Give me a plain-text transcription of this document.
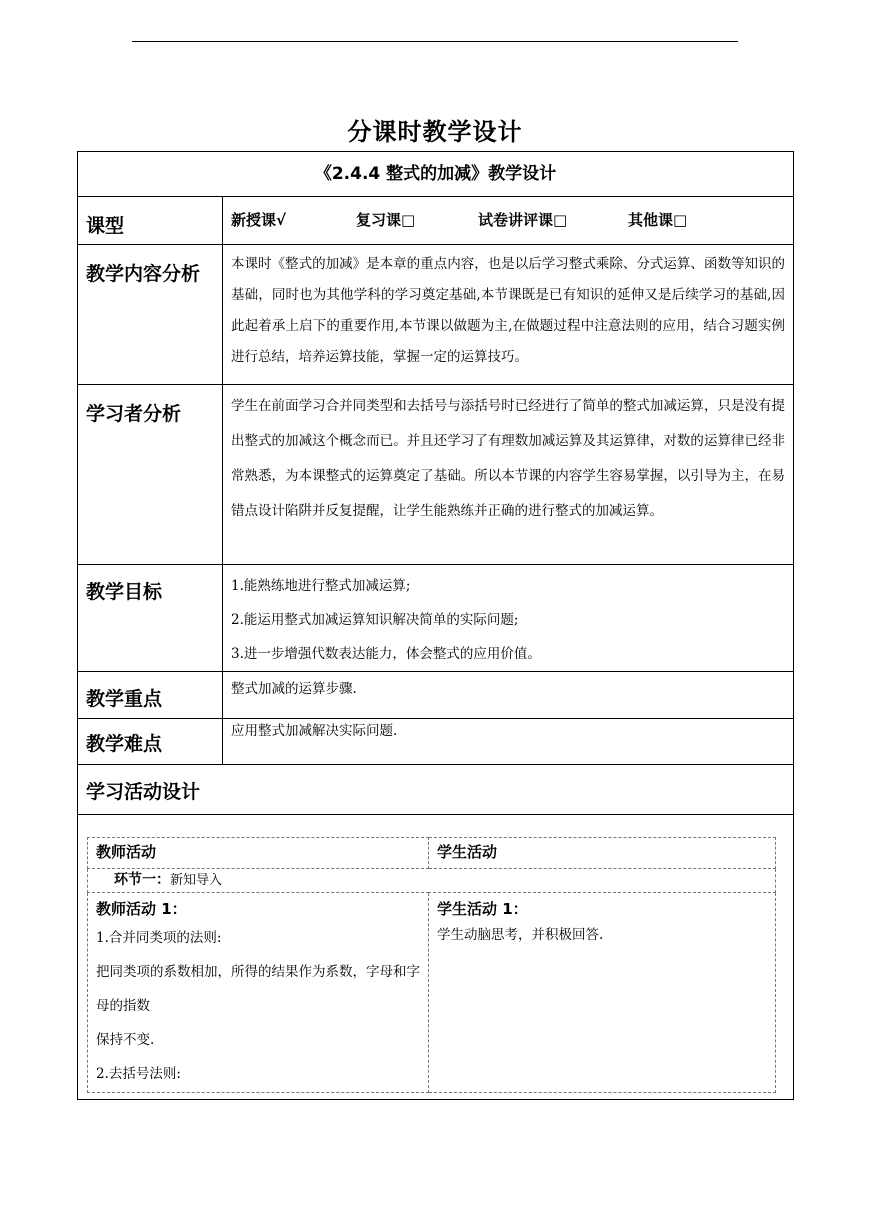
分课时教学设计
《2.4.4 整式的加减》教学设计
课型	新授课√	复习课□	试卷讲评课□	其他课□

教学内容分析	本课时《整式的加减》是本章的重点内容，也是以后学习整式乘除、分式运算、函数等知识的基础，同时也为其他学科的学习奠定基础,本节课既是已有知识的延伸又是后续学习的基础,因此起着承上启下的重要作用,本节课以做题为主,在做题过程中注意法则的应用，结合习题实例进行总结，培养运算技能，掌握一定的运算技巧。
学习者分析	学生在前面学习合并同类型和去括号与添括号时已经进行了简单的整式加减运算，只是没有提出整式的加减这个概念而已。并且还学习了有理数加减运算及其运算律，对数的运算律已经非常熟悉，为本课整式的运算奠定了基础。所以本节课的内容学生容易掌握，以引导为主，在易错点设计陷阱并反复提醒，让学生能熟练并正确的进行整式的加减运算。
教学目标	1.能熟练地进行整式加减运算;
2.能运用整式加减运算知识解决简单的实际问题;
3.进一步增强代数表达能力，体会整式的应用价值。

教学重点	整式加减的运算步骤.
教学难点	应用整式加减解决实际问题.

学习活动设计

教师活动	学生活动
环节一：新知导入

教师活动 1：
1.合并同类项的法则:
把同类项的系数相加，所得的结果作为系数，字母和字母的指数
保持不变.
2.去括号法则:

学生活动 1：
学生动脑思考，并积极回答.
